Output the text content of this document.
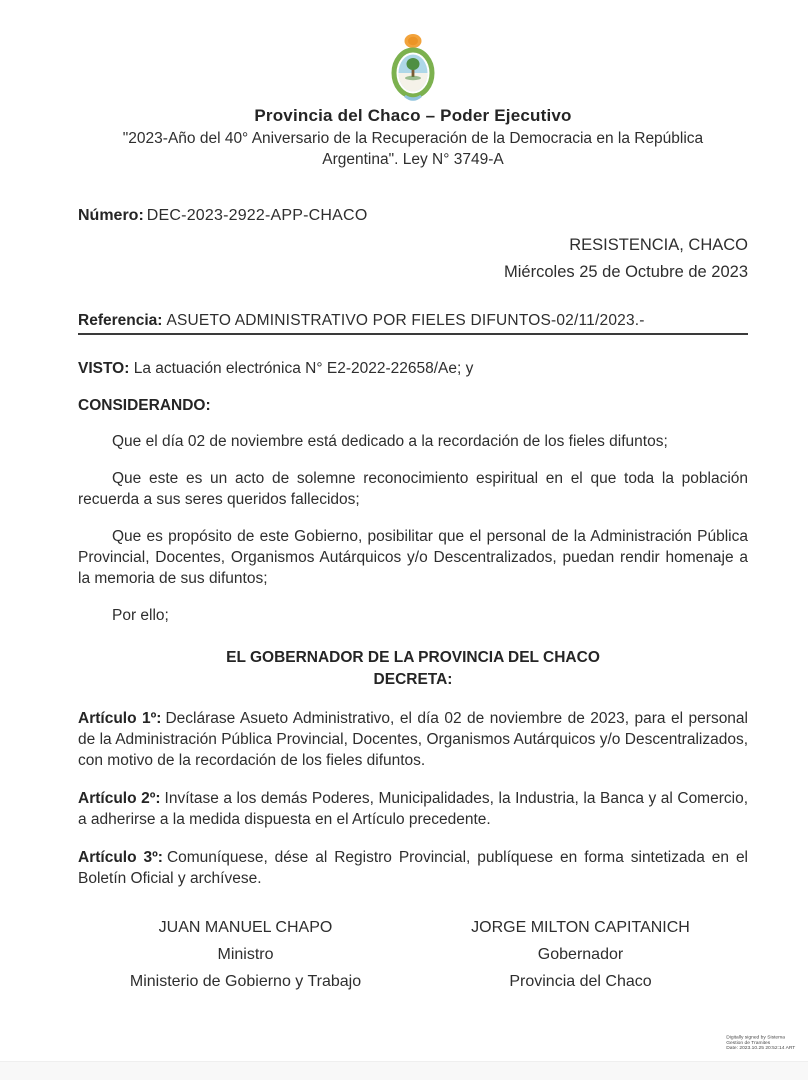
Provincia del Chaco – Poder Ejecutivo
"2023-Año del 40° Aniversario de la Recuperación de la Democracia en la República Argentina". Ley N° 3749-A
Número: DEC-2023-2922-APP-CHACO
RESISTENCIA, CHACO
Miércoles 25 de Octubre de 2023
Referencia: ASUETO ADMINISTRATIVO POR FIELES DIFUNTOS-02/11/2023.-
VISTO: La actuación electrónica N° E2-2022-22658/Ae; y
CONSIDERANDO:

Que el día 02 de noviembre está dedicado a la recordación de los fieles difuntos;

Que este es un acto de solemne reconocimiento espiritual en el que toda la población recuerda a sus seres queridos fallecidos;

Que es propósito de este Gobierno, posibilitar que el personal de la Administración Pública Provincial, Docentes, Organismos Autárquicos y/o Descentralizados, puedan rendir homenaje a la memoria de sus difuntos;

Por ello;

EL GOBERNADOR DE LA PROVINCIA DEL CHACO
DECRETA:

Artículo 1º: Declárase Asueto Administrativo, el día 02 de noviembre de 2023, para el personal de la Administración Pública Provincial, Docentes, Organismos Autárquicos y/o Descentralizados, con motivo de la recordación de los fieles difuntos.

Artículo 2º: Invítase a los demás Poderes, Municipalidades, la Industria, la Banca y al Comercio, a adherirse a la medida dispuesta en el Artículo precedente.

Artículo 3º: Comuníquese, dése al Registro Provincial, publíquese en forma sintetizada en el Boletín Oficial y archívese.

JUAN MANUEL CHAPO
Ministro
Ministerio de Gobierno y Trabajo
JORGE MILTON CAPITANICH
Gobernador
Provincia del Chaco
Digitally signed by Sistema
Gestion de Tramites
Date: 2023.10.25 20:52:14 ART
